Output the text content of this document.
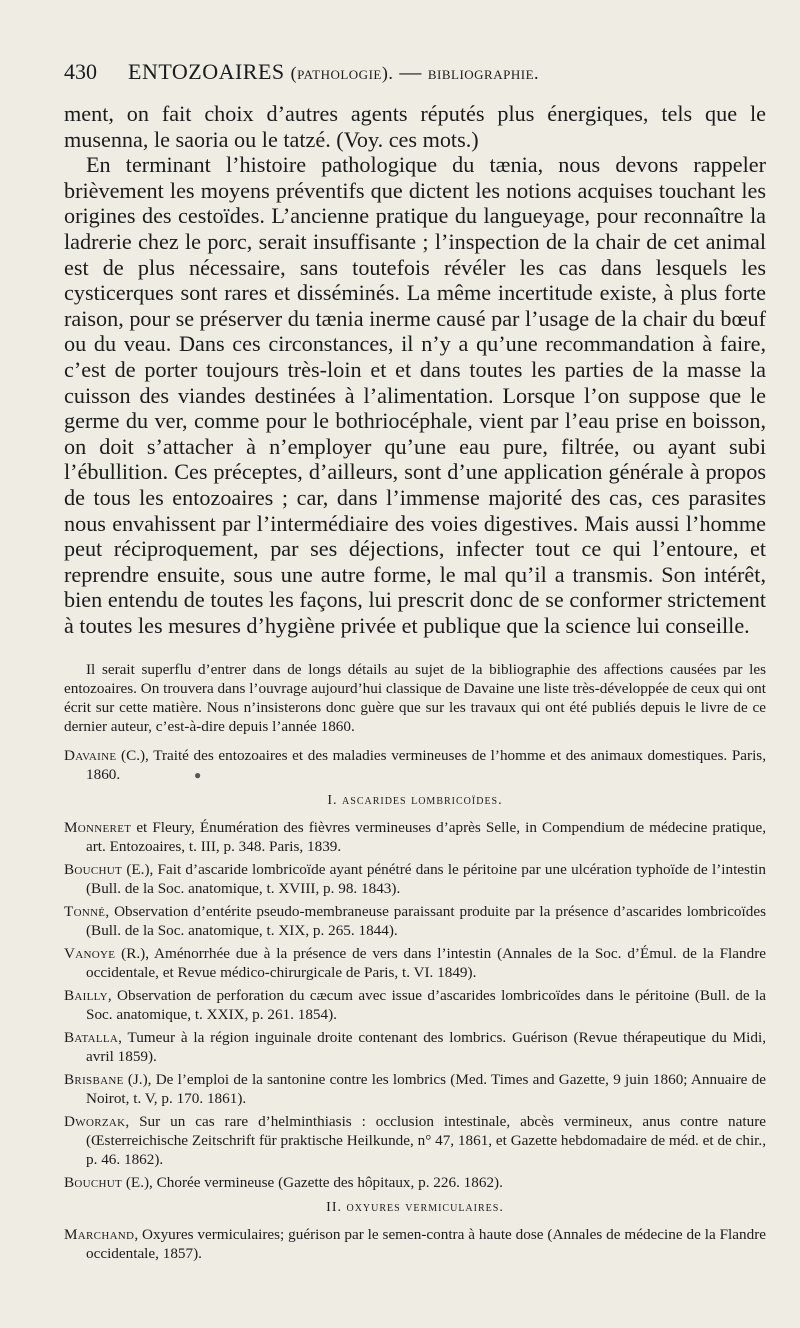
430	ENTOZOAIRES (pathologie). — bibliographie.

ment, on fait choix d’autres agents réputés plus énergiques, tels que le musenna, le saoria ou le tatzé. (Voy. ces mots.)

En terminant l’histoire pathologique du tænia, nous devons rappeler brièvement les moyens préventifs que dictent les notions acquises touchant les origines des cestoïdes. L’ancienne pratique du langueyage, pour reconnaître la ladrerie chez le porc, serait insuffisante ; l’inspection de la chair de cet animal est de plus nécessaire, sans toutefois révéler les cas dans lesquels les cysticerques sont rares et disséminés. La même incertitude existe, à plus forte raison, pour se préserver du tænia inerme causé par l’usage de la chair du bœuf ou du veau. Dans ces circonstances, il n’y a qu’une recommandation à faire, c’est de porter toujours très-loin et et dans toutes les parties de la masse la cuisson des viandes destinées à l’alimentation. Lorsque l’on suppose que le germe du ver, comme pour le bothriocéphale, vient par l’eau prise en boisson, on doit s’attacher à n’employer qu’une eau pure, filtrée, ou ayant subi l’ébullition. Ces préceptes, d’ailleurs, sont d’une application générale à propos de tous les entozoaires ; car, dans l’immense majorité des cas, ces parasites nous envahissent par l’intermédiaire des voies digestives. Mais aussi l’homme peut réciproquement, par ses déjections, infecter tout ce qui l’entoure, et reprendre ensuite, sous une autre forme, le mal qu’il a transmis. Son intérêt, bien entendu de toutes les façons, lui prescrit donc de se conformer strictement à toutes les mesures d’hygiène privée et publique que la science lui conseille.

Il serait superflu d’entrer dans de longs détails au sujet de la bibliographie des affections causées par les entozoaires. On trouvera dans l’ouvrage aujourd’hui classique de Davaine une liste très-développée de ceux qui ont écrit sur cette matière. Nous n’insisterons donc guère que sur les travaux qui ont été publiés depuis le livre de ce dernier auteur, c’est-à-dire depuis l’année 1860.

Davaine (C.), Traité des entozoaires et des maladies vermineuses de l’homme et des animaux domestiques. Paris, 1860.	●

I. ascarides lombricoïdes.

Monneret et Fleury, Énumération des fièvres vermineuses d’après Selle, in Compendium de médecine pratique, art. Entozoaires, t. III, p. 348. Paris, 1839.

Bouchut (E.), Fait d’ascaride lombricoïde ayant pénétré dans le péritoine par une ulcération typhoïde de l’intestin (Bull. de la Soc. anatomique, t. XVIII, p. 98. 1843).

Tonné, Observation d’entérite pseudo-membraneuse paraissant produite par la présence d’ascarides lombricoïdes (Bull. de la Soc. anatomique, t. XIX, p. 265. 1844).

Vanoye (R.), Aménorrhée due à la présence de vers dans l’intestin (Annales de la Soc. d’Émul. de la Flandre occidentale, et Revue médico-chirurgicale de Paris, t. VI. 1849).

Bailly, Observation de perforation du cæcum avec issue d’ascarides lombricoïdes dans le péritoine (Bull. de la Soc. anatomique, t. XXIX, p. 261. 1854).

Batalla, Tumeur à la région inguinale droite contenant des lombrics. Guérison (Revue thérapeutique du Midi, avril 1859).

Brisbane (J.), De l’emploi de la santonine contre les lombrics (Med. Times and Gazette, 9 juin 1860; Annuaire de Noirot, t. V, p. 170. 1861).

Dworzak, Sur un cas rare d’helminthiasis : occlusion intestinale, abcès vermineux, anus contre nature (Œsterreichische Zeitschrift für praktische Heilkunde, n° 47, 1861, et Gazette hebdomadaire de méd. et de chir., p. 46. 1862).

Bouchut (E.), Chorée vermineuse (Gazette des hôpitaux, p. 226. 1862).

II. oxyures vermiculaires.

Marchand, Oxyures vermiculaires; guérison par le semen-contra à haute dose (Annales de médecine de la Flandre occidentale, 1857).
